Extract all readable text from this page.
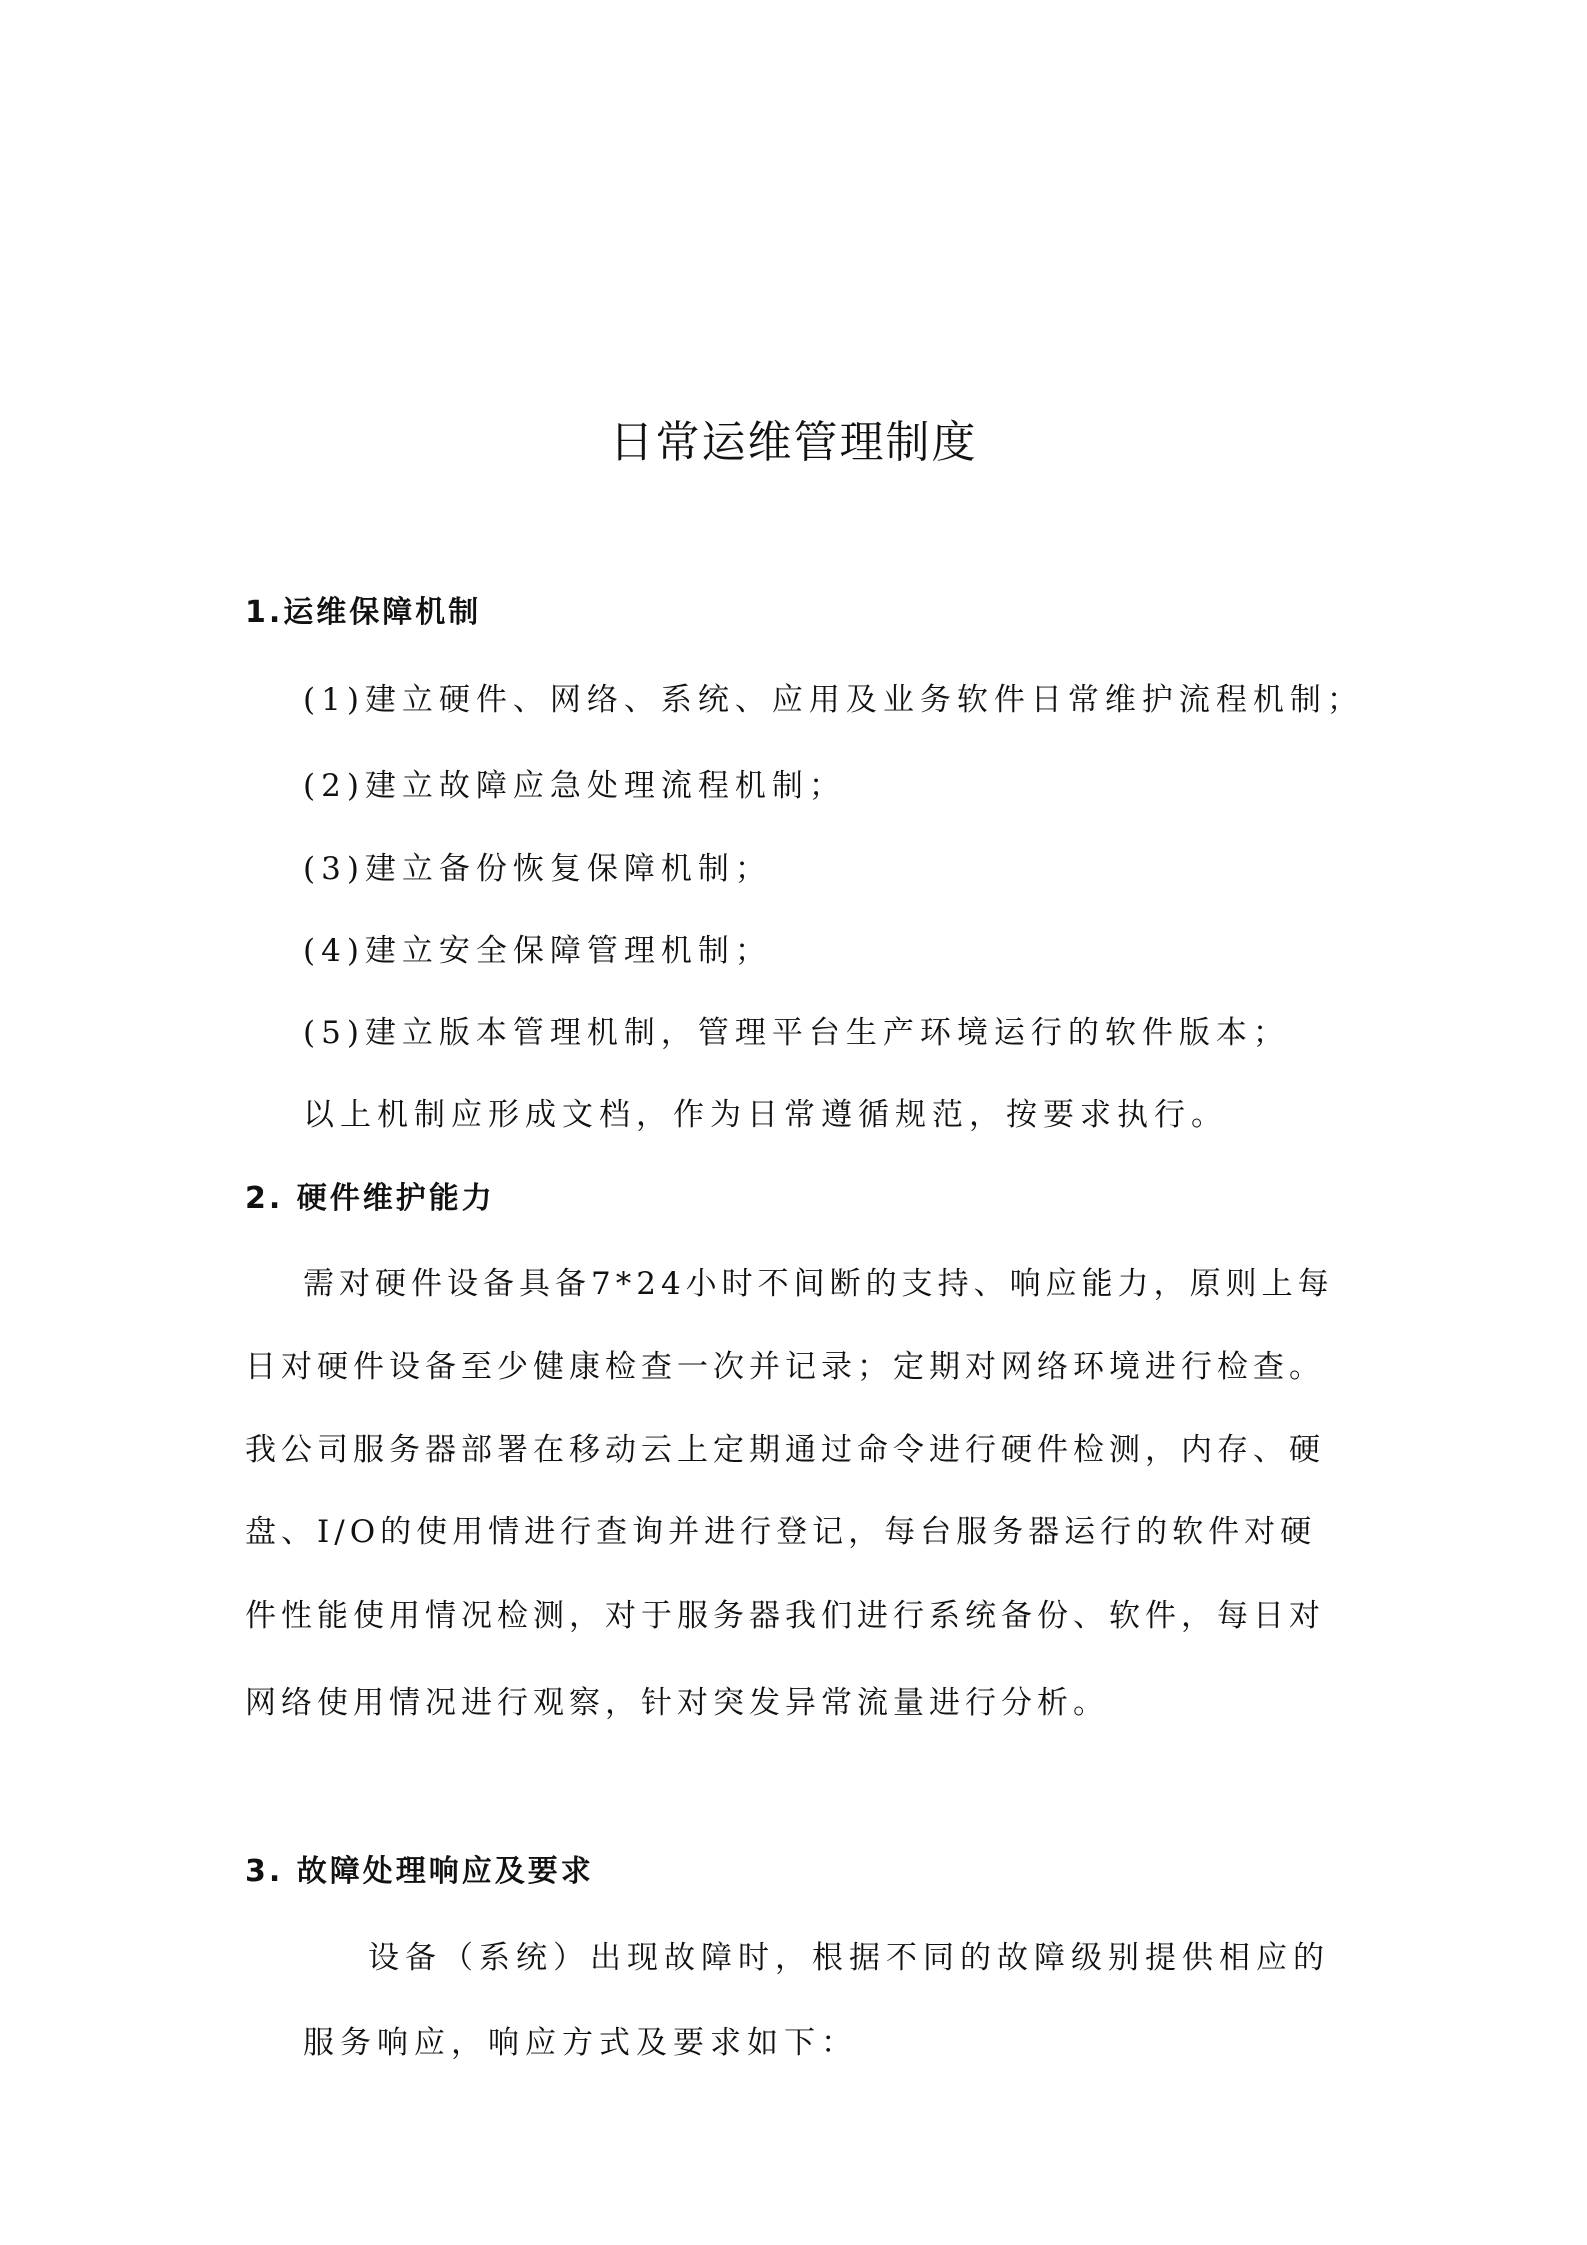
日常运维管理制度
1.运维保障机制
(1)建立硬件、网络、系统、应用及业务软件日常维护流程机制；
(2)建立故障应急处理流程机制；
(3)建立备份恢复保障机制；
(4)建立安全保障管理机制；
(5)建立版本管理机制，管理平台生产环境运行的软件版本；
以上机制应形成文档，作为日常遵循规范，按要求执行。
2. 硬件维护能力
需对硬件设备具备7*24小时不间断的支持、响应能力，原则上每
日对硬件设备至少健康检查一次并记录；定期对网络环境进行检查。
我公司服务器部署在移动云上定期通过命令进行硬件检测，内存、硬
盘、I/O的使用情进行查询并进行登记，每台服务器运行的软件对硬
件性能使用情况检测，对于服务器我们进行系统备份、软件，每日对
网络使用情况进行观察，针对突发异常流量进行分析。
3. 故障处理响应及要求
设备（系统）出现故障时，根据不同的故障级别提供相应的
服务响应，响应方式及要求如下：
